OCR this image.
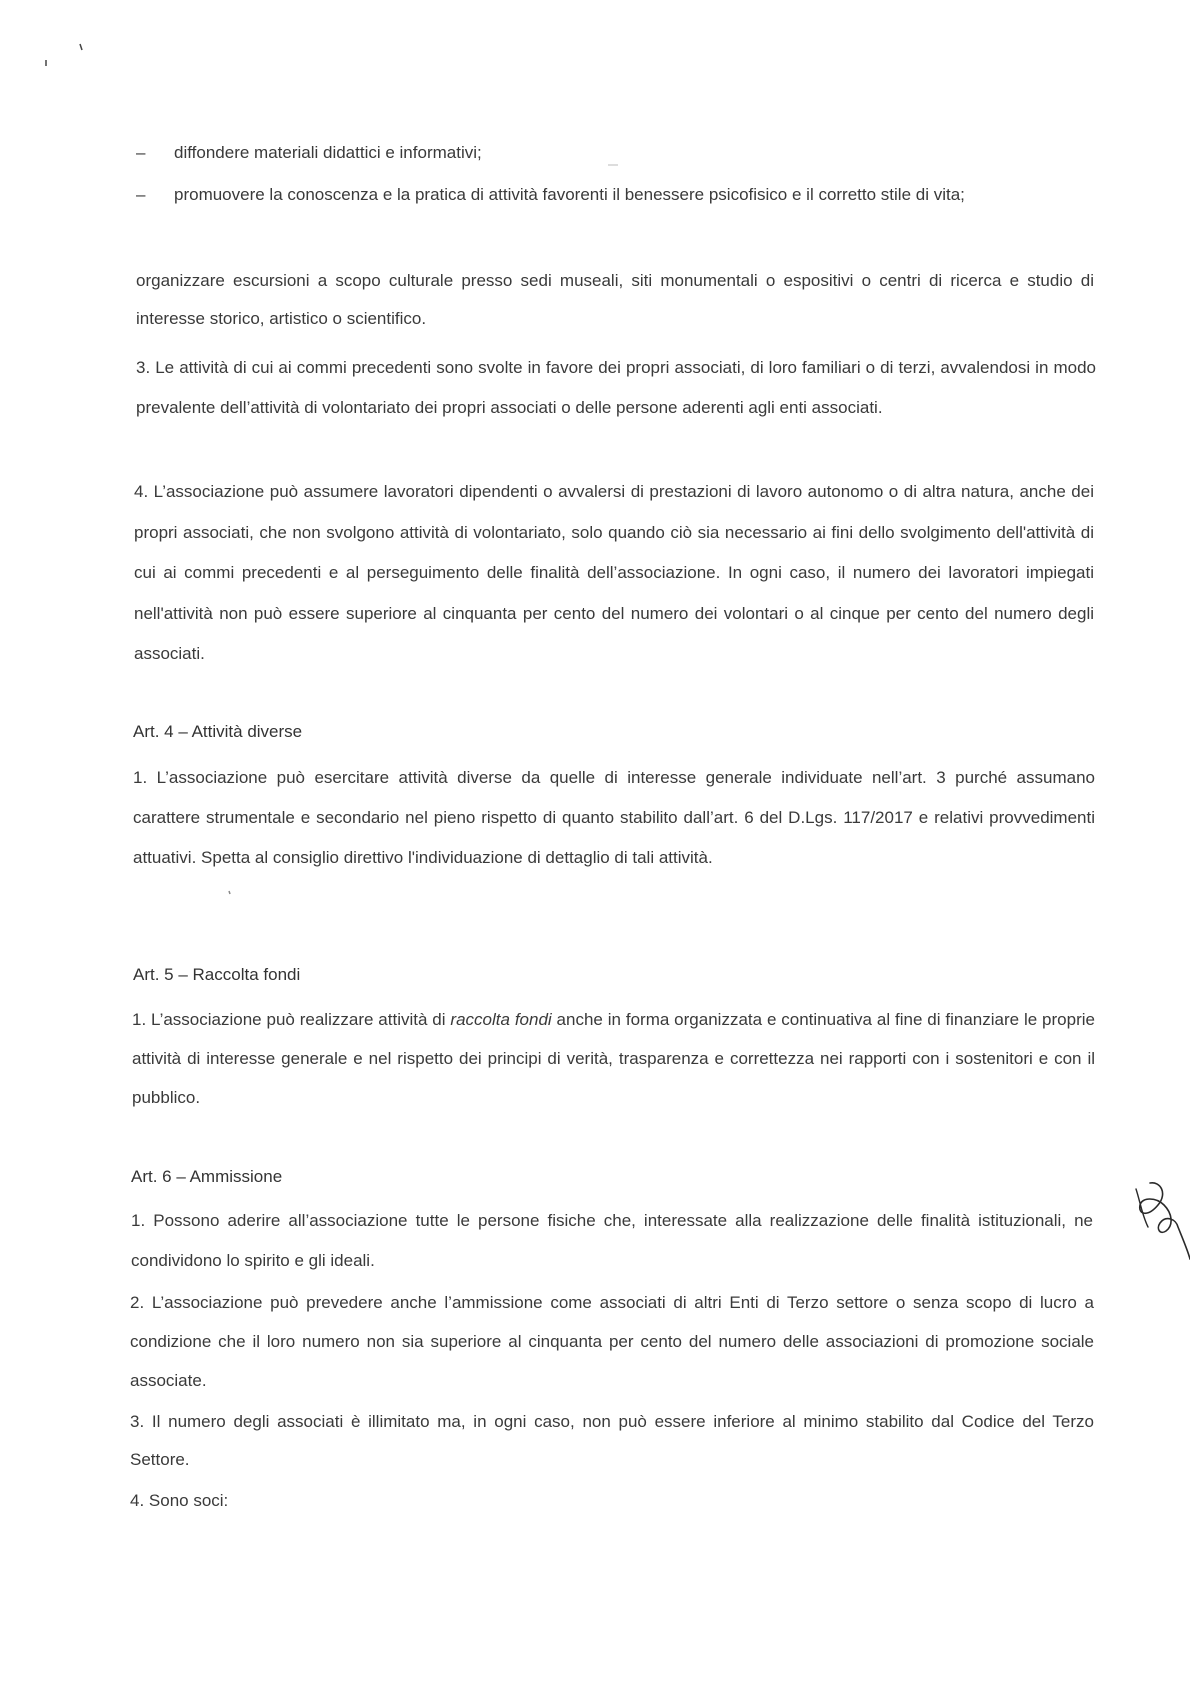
– diffondere materiali didattici e informativi;
– promuovere la conoscenza e la pratica di attività favorenti il benessere psicofisico e il corretto stile di vita;
organizzare escursioni a scopo culturale presso sedi museali, siti monumentali o espositivi o centri di ricerca e studio di interesse storico, artistico o scientifico.
3. Le attività di cui ai commi precedenti sono svolte in favore dei propri associati, di loro familiari o di terzi, avvalendosi in modo prevalente dell’attività di volontariato dei propri associati o delle persone aderenti agli enti associati.
4. L’associazione può assumere lavoratori dipendenti o avvalersi di prestazioni di lavoro autonomo o di altra natura, anche dei propri associati, che non svolgono attività di volontariato, solo quando ciò sia necessario ai fini dello svolgimento dell'attività di cui ai commi precedenti e al perseguimento delle finalità dell’associazione. In ogni caso, il numero dei lavoratori impiegati nell'attività non può essere superiore al cinquanta per cento del numero dei volontari o al cinque per cento del numero degli associati.
Art. 4 – Attività diverse
1. L’associazione può esercitare attività diverse da quelle di interesse generale individuate nell’art. 3 purché assumano carattere strumentale e secondario nel pieno rispetto di quanto stabilito dall’art. 6 del D.Lgs. 117/2017 e relativi provvedimenti attuativi. Spetta al consiglio direttivo l'individuazione di dettaglio di tali attività.
Art. 5 – Raccolta fondi
1. L’associazione può realizzare attività di raccolta fondi anche in forma organizzata e continuativa al fine di finanziare le proprie attività di interesse generale e nel rispetto dei principi di verità, trasparenza e correttezza nei rapporti con i sostenitori e con il pubblico.
Art. 6 – Ammissione
1. Possono aderire all’associazione tutte le persone fisiche che, interessate alla realizzazione delle finalità istituzionali, ne condividono lo spirito e gli ideali.
2. L’associazione può prevedere anche l’ammissione come associati di altri Enti di Terzo settore o senza scopo di lucro a condizione che il loro numero non sia superiore al cinquanta per cento del numero delle associazioni di promozione sociale associate.
3. Il numero degli associati è illimitato ma, in ogni caso, non può essere inferiore al minimo stabilito dal Codice del Terzo Settore.
4. Sono soci:
